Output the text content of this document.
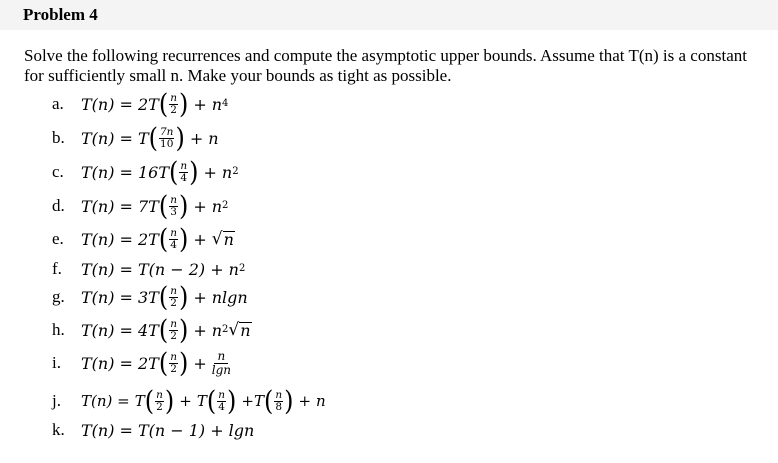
Problem 4
Solve the following recurrences and compute the asymptotic upper bounds. Assume that T(n) is a constant for sufficiently small n. Make your bounds as tight as possible.
a.	T(n) = 2T ( $\frac{n}{2}$ ) + n 4
b.	T(n) = T ( $\frac{7n}{10}$ ) + n
c.	T(n) = 16T ( $\frac{n}{4}$ ) + n 2
d.	T(n) = 7T ( $\frac{n}{3}$ ) + n 2
e.	T(n) = 2T ( $\frac{n}{4}$ ) + √ n
f.	T(n) = T(n − 2) + n 2
g.	T(n) = 3T ( $\frac{n}{2}$ ) + nlgn
h.	T(n) = 4T ( $\frac{n}{2}$ ) + n 2 √ n
i.	T(n) = 2T ( $\frac{n}{2}$ ) + $\frac{n}{\lg n}$
j.	T(n) = T ( $\frac{n}{2}$ ) + T ( $\frac{n}{4}$ ) + T ( $\frac{n}{8}$ ) + n
k.	T(n) = T(n − 1) + lgn
